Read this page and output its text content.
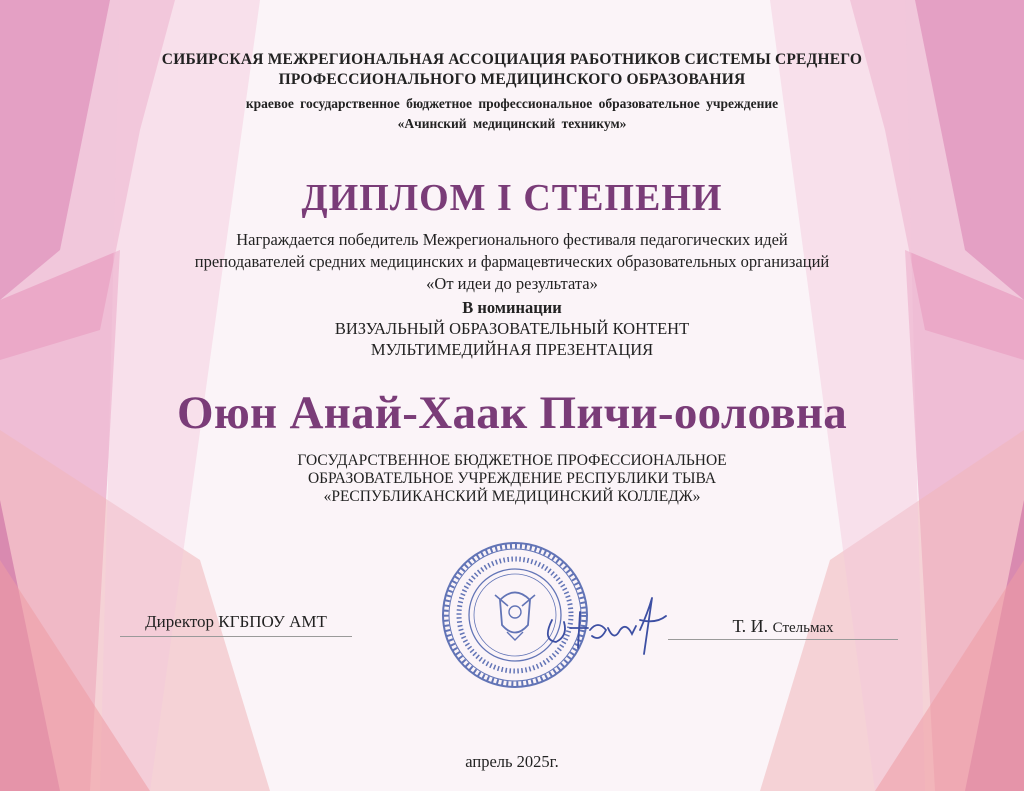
СИБИРСКАЯ МЕЖРЕГИОНАЛЬНАЯ АССОЦИАЦИЯ РАБОТНИКОВ СИСТЕМЫ СРЕДНЕГО
ПРОФЕССИОНАЛЬНОГО МЕДИЦИНСКОГО ОБРАЗОВАНИЯ
краевое государственное бюджетное профессиональное образовательное учреждение
«Ачинский медицинский техникум»
ДИПЛОМ I СТЕПЕНИ
Награждается победитель Межрегионального фестиваля педагогических идей
преподавателей средних медицинских и фармацевтических образовательных организаций
«От идеи до результата»
В номинации
ВИЗУАЛЬНЫЙ ОБРАЗОВАТЕЛЬНЫЙ КОНТЕНТ
МУЛЬТИМЕДИЙНАЯ ПРЕЗЕНТАЦИЯ
Оюн Анай-Хаак Пичи-ооловна
ГОСУДАРСТВЕННОЕ БЮДЖЕТНОЕ ПРОФЕССИОНАЛЬНОЕ
ОБРАЗОВАТЕЛЬНОЕ УЧРЕЖДЕНИЕ РЕСПУБЛИКИ ТЫВА
«РЕСПУБЛИКАНСКИЙ МЕДИЦИНСКИЙ КОЛЛЕДЖ»
Директор КГБПОУ АМТ	Т. И. Стельмах
апрель 2025г.
